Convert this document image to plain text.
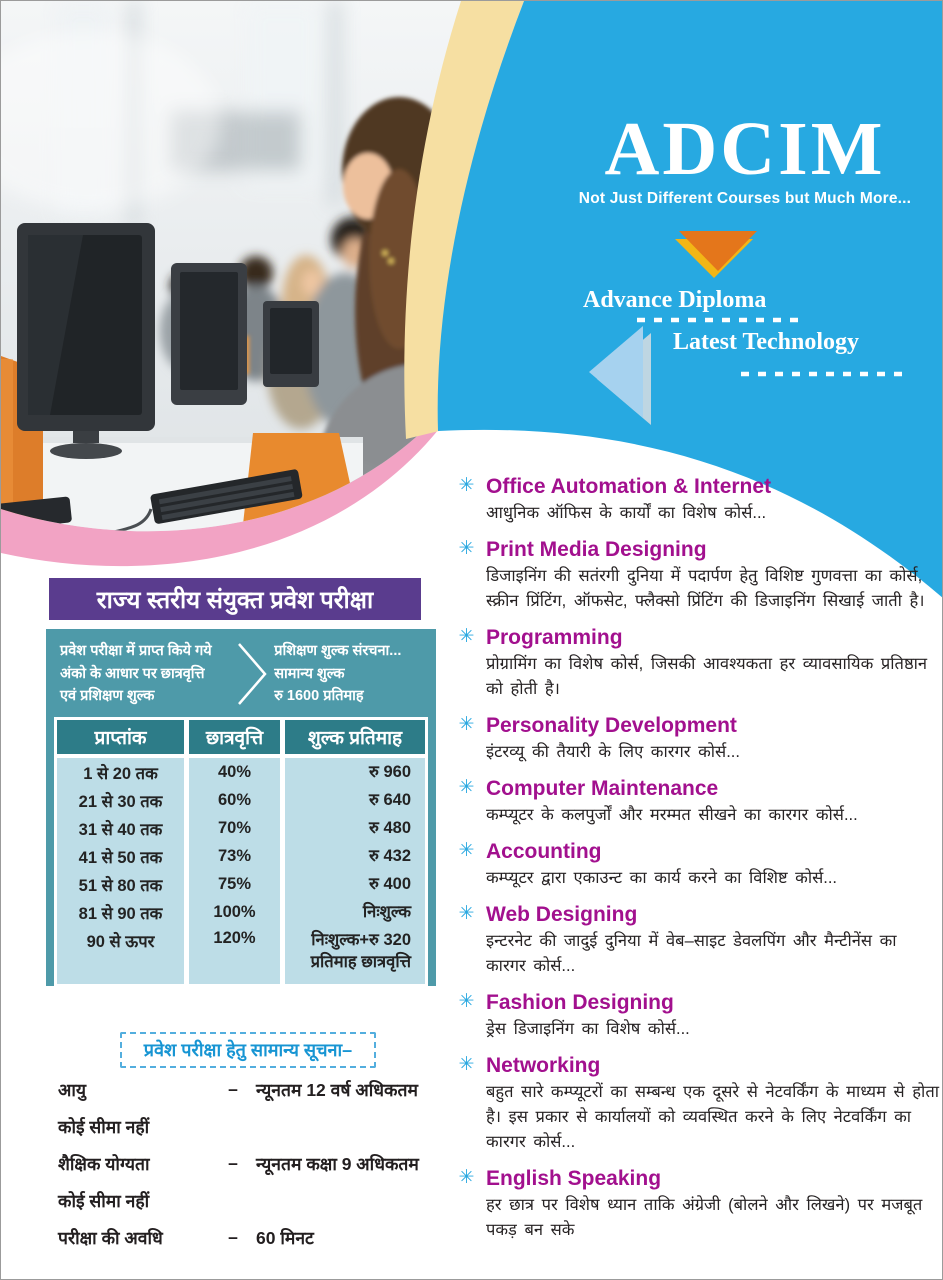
ADCIM
Not Just Different Courses but Much More...
Advance Diploma
Latest Technology
राज्य स्तरीय संयुक्त प्रवेश परीक्षा
प्रवेश परीक्षा में प्राप्त किये गये
अंको के आधार पर छात्रवृत्ति
एवं प्रशिक्षण शुल्क
प्रशिक्षण शुल्क संरचना...
सामान्य शुल्क
रु 1600 प्रतिमाह
प्राप्तांक	छात्रवृत्ति	शुल्क प्रतिमाह
1 से 20 तक	40%	रु 960
21 से 30 तक	60%	रु 640
31 से 40 तक	70%	रु 480
41 से 50 तक	73%	रु 432
51 से 80 तक	75%	रु 400
81 से 90 तक	100%	निःशुल्क
90 से ऊपर	120%	निःशुल्क+रु 320 प्रतिमाह छात्रवृत्ति
प्रवेश परीक्षा हेतु सामान्य सूचना–
आयु	–	न्यूनतम 12 वर्ष अधिकतम
कोई सीमा नहीं
शैक्षिक योग्यता	–	न्यूनतम कक्षा 9 अधिकतम
कोई सीमा नहीं
परीक्षा की अवधि	–	60 मिनट
✳ Office Automation & Internet

आधुनिक ऑफिस के कार्यों का विशेष कोर्स...

✳ Print Media Designing

डिजाइनिंग की सतंरगी दुनिया में पदार्पण हेतु विशिष्ट गुणवत्ता का कोर्स, स्क्रीन प्रिंटिंग, ऑफसेट, फ्लैक्सो प्रिंटिंग की डिजाइनिंग सिखाई जाती है।

✳ Programming

प्रोग्रामिंग का विशेष कोर्स, जिसकी आवश्यकता हर व्यावसायिक प्रतिष्ठान को होती है।

✳ Personality Development

इंटरव्यू की तैयारी के लिए कारगर कोर्स...

✳ Computer Maintenance

कम्प्यूटर के कलपुर्जों और मरम्मत सीखने का कारगर कोर्स...

✳ Accounting

कम्प्यूटर द्वारा एकाउन्ट का कार्य करने का विशिष्ट कोर्स...

✳ Web Designing

इन्टरनेट की जादुई दुनिया में वेब–साइट डेवलपिंग और मैन्टीनेंस का कारगर कोर्स...

✳ Fashion Designing

ड्रेस डिजाइनिंग का विशेष कोर्स...

✳ Networking

बहुत सारे कम्प्यूटरों का सम्बन्ध एक दूसरे से नेटवर्किंग के माध्यम से होता है। इस प्रकार से कार्यालयों को व्यवस्थित करने के लिए नेटवर्किंग का कारगर कोर्स...

✳ English Speaking

हर छात्र पर विशेष ध्यान ताकि अंग्रेजी (बोलने और लिखने) पर मजबूत पकड़ बन सके
